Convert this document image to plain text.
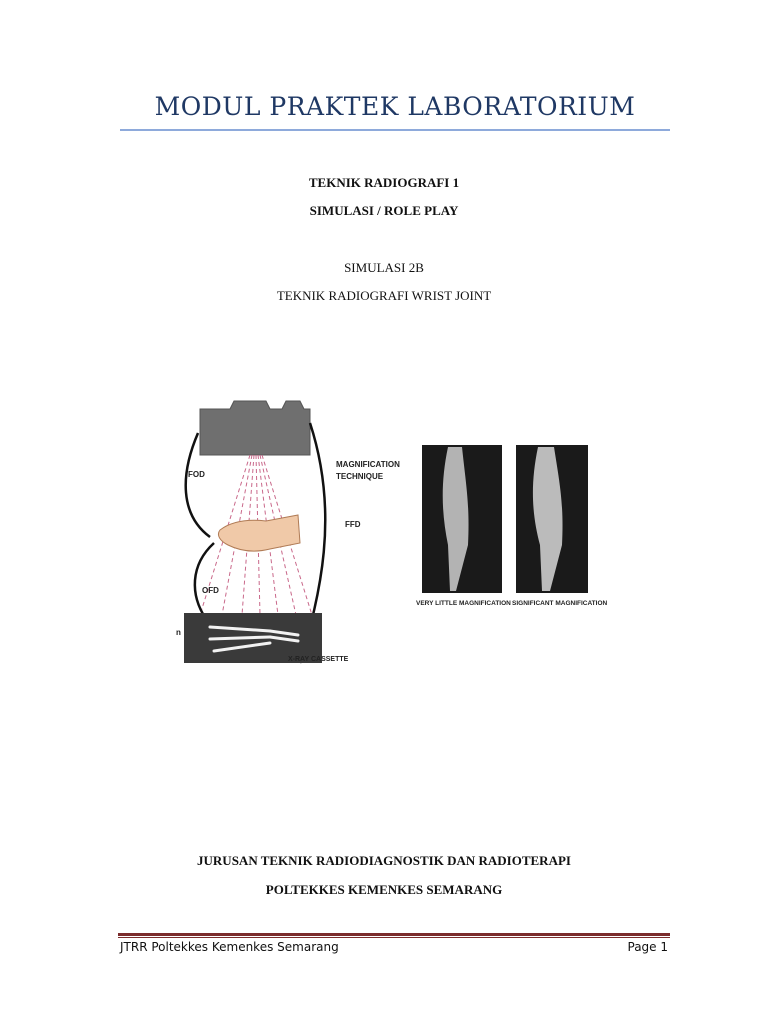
MODUL PRAKTEK LABORATORIUM
TEKNIK RADIOGRAFI 1
SIMULASI / ROLE PLAY
SIMULASI 2B
TEKNIK RADIOGRAFI WRIST JOINT
FOD
MAGNIFICATION
TECHNIQUE
FFD
OFD
X-RAY CASSETTE
n
VERY LITTLE MAGNIFICATION SIGNIFICANT MAGNIFICATION
JURUSAN TEKNIK RADIODIAGNOSTIK DAN RADIOTERAPI
POLTEKKES KEMENKES SEMARANG
JTRR Poltekkes Kemenkes Semarang	Page 1
